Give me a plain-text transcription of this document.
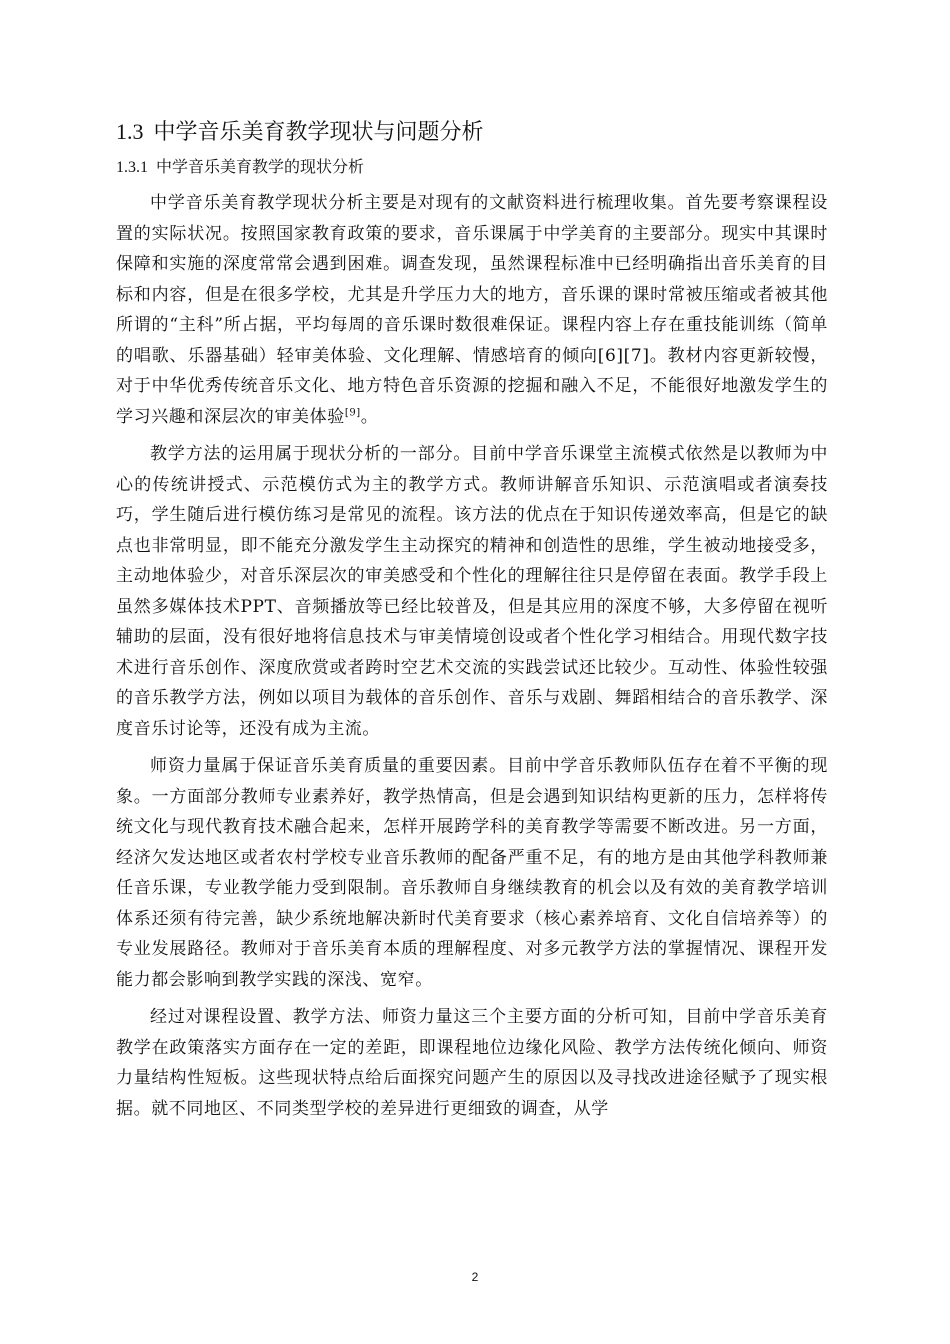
1.3 中学音乐美育教学现状与问题分析
1.3.1 中学音乐美育教学的现状分析

中学音乐美育教学现状分析主要是对现有的文献资料进行梳理收集。首先要考察课程设置的实际状况。按照国家教育政策的要求，音乐课属于中学美育的主要部分。现实中其课时保障和实施的深度常常会遇到困难。调查发现，虽然课程标准中已经明确指出音乐美育的目标和内容，但是在很多学校，尤其是升学压力大的地方，音乐课的课时常被压缩或者被其他所谓的“主科”所占据，平均每周的音乐课时数很难保证。课程内容上存在重技能训练（简单的唱歌、乐器基础）轻审美体验、文化理解、情感培育的倾向[6][7]。教材内容更新较慢，对于中华优秀传统音乐文化、地方特色音乐资源的挖掘和融入不足，不能很好地激发学生的学习兴趣和深层次的审美体验[9]。

教学方法的运用属于现状分析的一部分。目前中学音乐课堂主流模式依然是以教师为中心的传统讲授式、示范模仿式为主的教学方式。教师讲解音乐知识、示范演唱或者演奏技巧，学生随后进行模仿练习是常见的流程。该方法的优点在于知识传递效率高，但是它的缺点也非常明显，即不能充分激发学生主动探究的精神和创造性的思维，学生被动地接受多，主动地体验少，对音乐深层次的审美感受和个性化的理解往往只是停留在表面。教学手段上虽然多媒体技术PPT、音频播放等已经比较普及，但是其应用的深度不够，大多停留在视听辅助的层面，没有很好地将信息技术与审美情境创设或者个性化学习相结合。用现代数字技术进行音乐创作、深度欣赏或者跨时空艺术交流的实践尝试还比较少。互动性、体验性较强的音乐教学方法，例如以项目为载体的音乐创作、音乐与戏剧、舞蹈相结合的音乐教学、深度音乐讨论等，还没有成为主流。

师资力量属于保证音乐美育质量的重要因素。目前中学音乐教师队伍存在着不平衡的现象。一方面部分教师专业素养好，教学热情高，但是会遇到知识结构更新的压力，怎样将传统文化与现代教育技术融合起来，怎样开展跨学科的美育教学等需要不断改进。另一方面，经济欠发达地区或者农村学校专业音乐教师的配备严重不足，有的地方是由其他学科教师兼任音乐课，专业教学能力受到限制。音乐教师自身继续教育的机会以及有效的美育教学培训体系还须有待完善，缺少系统地解决新时代美育要求（核心素养培育、文化自信培养等）的专业发展路径。教师对于音乐美育本质的理解程度、对多元教学方法的掌握情况、课程开发能力都会影响到教学实践的深浅、宽窄。

经过对课程设置、教学方法、师资力量这三个主要方面的分析可知，目前中学音乐美育教学在政策落实方面存在一定的差距，即课程地位边缘化风险、教学方法传统化倾向、师资力量结构性短板。这些现状特点给后面探究问题产生的原因以及寻找改进途径赋予了现实根据。就不同地区、不同类型学校的差异进行更细致的调查，从学

2
